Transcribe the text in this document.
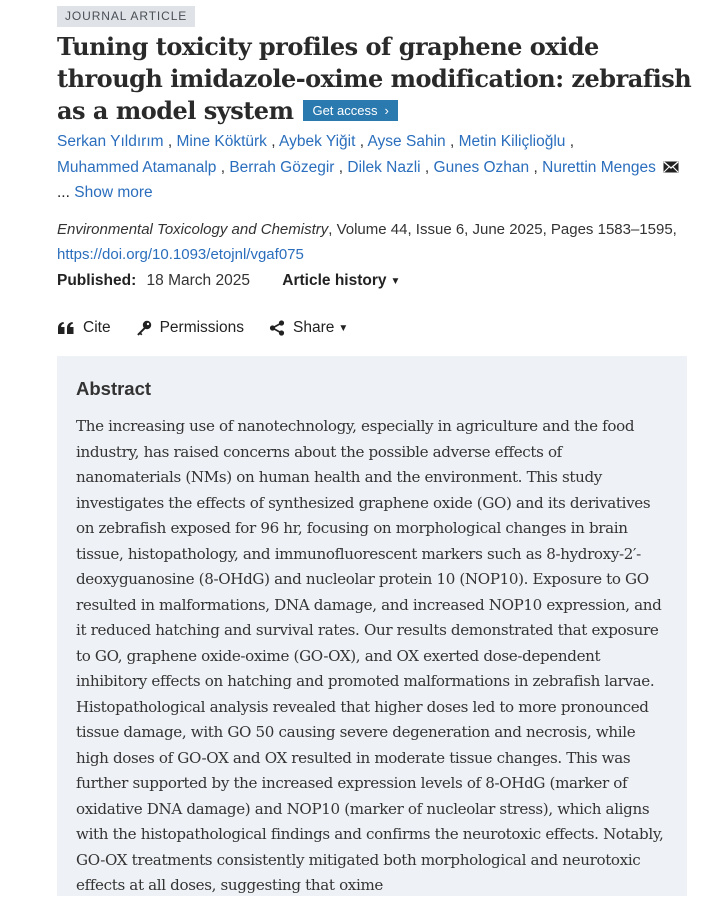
JOURNAL ARTICLE
Tuning toxicity profiles of graphene oxide through imidazole-oxime modification: zebrafish as a model system Get access ›
Serkan Yıldırım , Mine Köktürk , Aybek Yiğit , Ayse Sahin , Metin Kiliçlioğlu ,
Muhammed Atamanalp , Berrah Gözegir , Dilek Nazli , Gunes Ozhan , Nurettin Menges
... Show more
Environmental Toxicology and Chemistry, Volume 44, Issue 6, June 2025, Pages 1583–1595, https://doi.org/10.1093/etojnl/vgaf075
Published: 18 March 2025 Article history ▼
Cite	Permissions	Share ▼
Abstract

The increasing use of nanotechnology, especially in agriculture and the food industry, has raised concerns about the possible adverse effects of nanomaterials (NMs) on human health and the environment. This study investigates the effects of synthesized graphene oxide (GO) and its derivatives on zebrafish exposed for 96 hr, focusing on morphological changes in brain tissue, histopathology, and immunofluorescent markers such as 8-hydroxy-2′-deoxyguanosine (8-OHdG) and nucleolar protein 10 (NOP10). Exposure to GO resulted in malformations, DNA damage, and increased NOP10 expression, and it reduced hatching and survival rates. Our results demonstrated that exposure to GO, graphene oxide-oxime (GO-OX), and OX exerted dose-dependent inhibitory effects on hatching and promoted malformations in zebrafish larvae. Histopathological analysis revealed that higher doses led to more pronounced tissue damage, with GO 50 causing severe degeneration and necrosis, while high doses of GO-OX and OX resulted in moderate tissue changes. This was further supported by the increased expression levels of 8-OHdG (marker of oxidative DNA damage) and NOP10 (marker of nucleolar stress), which aligns with the histopathological findings and confirms the neurotoxic effects. Notably, GO-OX treatments consistently mitigated both morphological and neurotoxic effects at all doses, suggesting that oxime
